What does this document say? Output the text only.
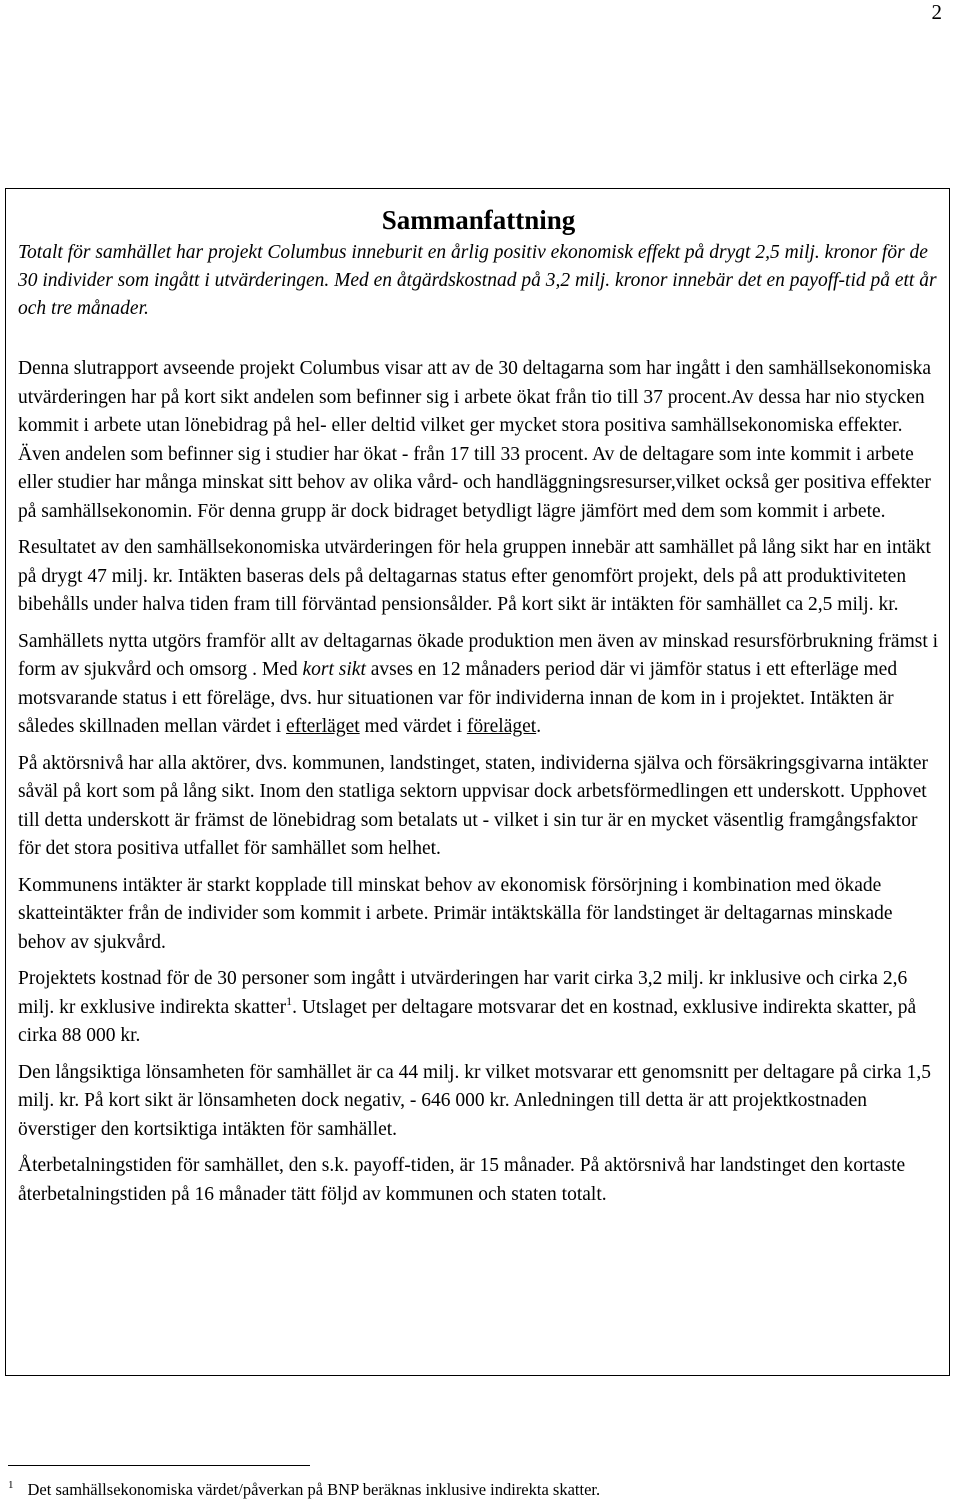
2
Sammanfattning

Totalt för samhället har projekt Columbus inneburit en årlig positiv ekonomisk effekt på drygt 2,5 milj. kronor för de 30 individer som ingått i utvärderingen. Med en åtgärdskostnad på 3,2 milj. kronor innebär det en payoff-tid på ett år och tre månader.

Denna slutrapport avseende projekt Columbus visar att av de 30 deltagarna som har ingått i den samhällsekonomiska utvärderingen har på kort sikt andelen som befinner sig i arbete ökat från tio till 37 procent.Av dessa har nio stycken kommit i arbete utan lönebidrag på hel- eller deltid vilket ger mycket stora positiva samhällsekonomiska effekter.

Även andelen som befinner sig i studier har ökat - från 17 till 33 procent. Av de deltagare som inte kommit i arbete eller studier har många minskat sitt behov av olika vård- och handläggningsresurser,vilket också ger positiva effekter på samhällsekonomin. För denna grupp är dock bidraget betydligt lägre jämfört med dem som kommit i arbete.

Resultatet av den samhällsekonomiska utvärderingen för hela gruppen innebär att samhället på lång sikt har en intäkt på drygt 47 milj. kr. Intäkten baseras dels på deltagarnas status efter genomfört projekt, dels på att produktiviteten bibehålls under halva tiden fram till förväntad pensionsålder. På kort sikt är intäkten för samhället ca 2,5 milj. kr.

Samhällets nytta utgörs framför allt av deltagarnas ökade produktion men även av minskad resursförbrukning främst i form av sjukvård och omsorg . Med kort sikt avses en 12 månaders period där vi jämför status i ett efterläge med motsvarande status i ett föreläge, dvs. hur situationen var för individerna innan de kom in i projektet. Intäkten är således skillnaden mellan värdet i efterläget med värdet i föreläget.

På aktörsnivå har alla aktörer, dvs. kommunen, landstinget, staten, individerna själva och försäkringsgivarna intäkter såväl på kort som på lång sikt. Inom den statliga sektorn uppvisar dock arbetsförmedlingen ett underskott. Upphovet till detta underskott är främst de lönebidrag som betalats ut - vilket i sin tur är en mycket väsentlig framgångsfaktor för det stora positiva utfallet för samhället som helhet.

Kommunens intäkter är starkt kopplade till minskat behov av ekonomisk försörjning i kombination med ökade skatteintäkter från de individer som kommit i arbete. Primär intäktskälla för landstinget är deltagarnas minskade behov av sjukvård.

Projektets kostnad för de 30 personer som ingått i utvärderingen har varit cirka 3,2 milj. kr inklusive och cirka 2,6 milj. kr exklusive indirekta skatter$^1$. Utslaget per deltagare motsvarar det en kostnad, exklusive indirekta skatter, på cirka 88 000 kr.

Den långsiktiga lönsamheten för samhället är ca 44 milj. kr vilket motsvarar ett genomsnitt per deltagare på cirka 1,5 milj. kr. På kort sikt är lönsamheten dock negativ, - 646 000 kr. Anledningen till detta är att projektkostnaden överstiger den kortsiktiga intäkten för samhället.

Återbetalningstiden för samhället, den s.k. payoff-tiden, är 15 månader. På aktörsnivå har landstinget den kortaste återbetalningstiden på 16 månader tätt följd av kommunen och staten totalt.

$^1$ Det samhällsekonomiska värdet/påverkan på BNP beräknas inklusive indirekta skatter.
